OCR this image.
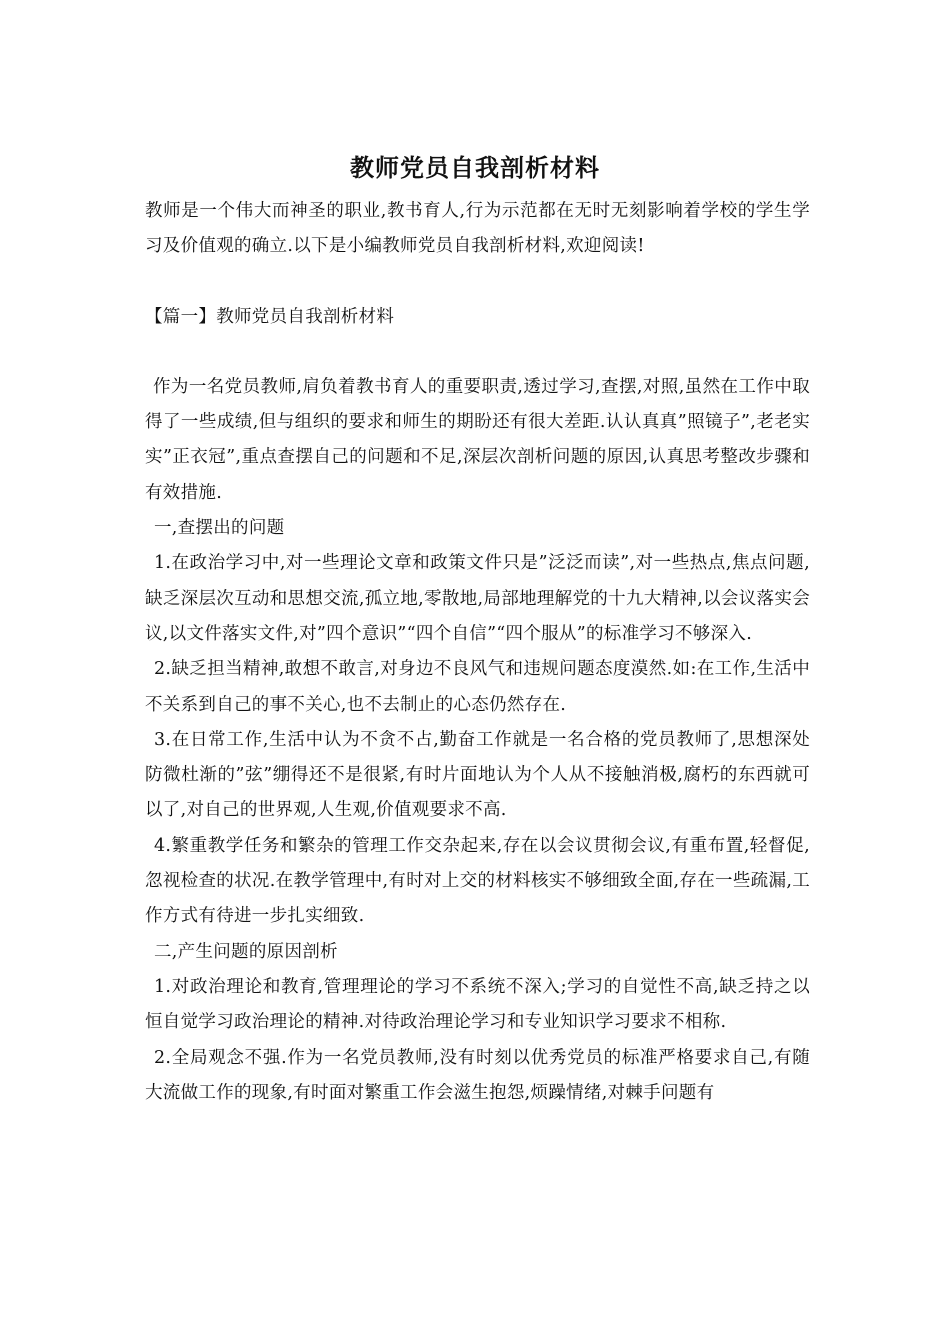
教师党员自我剖析材料

教师是一个伟大而神圣的职业,教书育人,行为示范都在无时无刻影响着学校的学生学习及价值观的确立.以下是小编教师党员自我剖析材料,欢迎阅读!

【篇一】教师党员自我剖析材料

作为一名党员教师,肩负着教书育人的重要职责,透过学习,查摆,对照,虽然在工作中取得了一些成绩,但与组织的要求和师生的期盼还有很大差距.认认真真”照镜子”,老老实实”正衣冠”,重点查摆自己的问题和不足,深层次剖析问题的原因,认真思考整改步骤和有效措施.

一,查摆出的问题

1.在政治学习中,对一些理论文章和政策文件只是”泛泛而读”,对一些热点,焦点问题,缺乏深层次互动和思想交流,孤立地,零散地,局部地理解党的十九大精神,以会议落实会议,以文件落实文件,对”四个意识”“四个自信”“四个服从”的标准学习不够深入.

2.缺乏担当精神,敢想不敢言,对身边不良风气和违规问题态度漠然.如:在工作,生活中不关系到自己的事不关心,也不去制止的心态仍然存在.

3.在日常工作,生活中认为不贪不占,勤奋工作就是一名合格的党员教师了,思想深处防微杜渐的”弦”绷得还不是很紧,有时片面地认为个人从不接触消极,腐朽的东西就可以了,对自己的世界观,人生观,价值观要求不高.

4.繁重教学任务和繁杂的管理工作交杂起来,存在以会议贯彻会议,有重布置,轻督促,忽视检查的状况.在教学管理中,有时对上交的材料核实不够细致全面,存在一些疏漏,工作方式有待进一步扎实细致.

二,产生问题的原因剖析

1.对政治理论和教育,管理理论的学习不系统不深入;学习的自觉性不高,缺乏持之以恒自觉学习政治理论的精神.对待政治理论学习和专业知识学习要求不相称.

2.全局观念不强.作为一名党员教师,没有时刻以优秀党员的标准严格要求自己,有随大流做工作的现象,有时面对繁重工作会滋生抱怨,烦躁情绪,对棘手问题有
